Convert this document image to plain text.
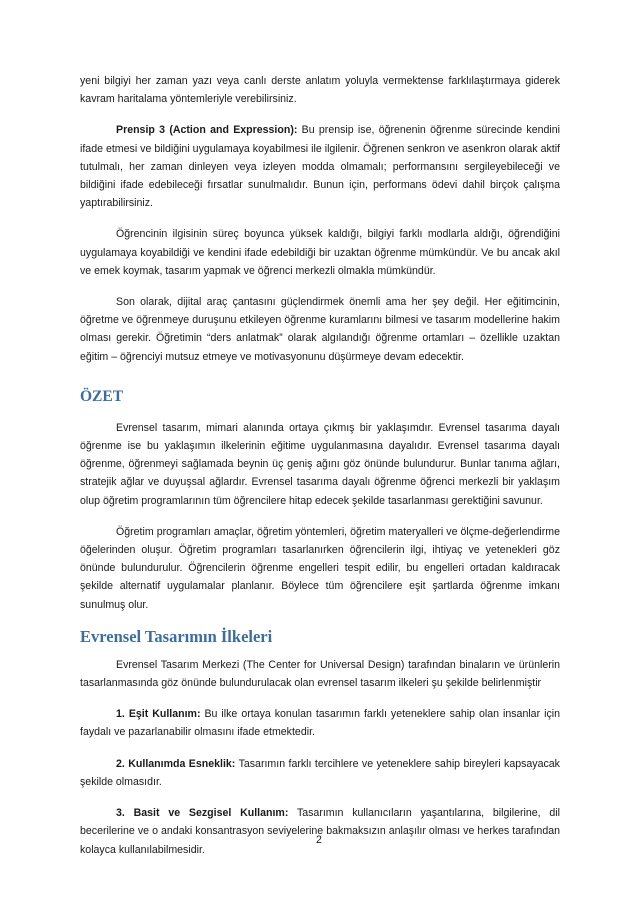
yeni bilgiyi her zaman yazı veya canlı derste anlatım yoluyla vermektense farklılaştırmaya giderek kavram haritalama yöntemleriyle verebilirsiniz.

Prensip 3 (Action and Expression): Bu prensip ise, öğrenenin öğrenme sürecinde kendini ifade etmesi ve bildiğini uygulamaya koyabilmesi ile ilgilenir. Öğrenen senkron ve asenkron olarak aktif tutulmalı, her zaman dinleyen veya izleyen modda olmamalı; performansını sergileyebileceği ve bildiğini ifade edebileceği fırsatlar sunulmalıdır. Bunun için, performans ödevi dahil birçok çalışma yaptırabilirsiniz.

Öğrencinin ilgisinin süreç boyunca yüksek kaldığı, bilgiyi farklı modlarla aldığı, öğrendiğini uygulamaya koyabildiği ve kendini ifade edebildiği bir uzaktan öğrenme mümkündür. Ve bu ancak akıl ve emek koymak, tasarım yapmak ve öğrenci merkezli olmakla mümkündür.

Son olarak, dijital araç çantasını güçlendirmek önemli ama her şey değil. Her eğitimcinin, öğretme ve öğrenmeye duruşunu etkileyen öğrenme kuramlarını bilmesi ve tasarım modellerine hakim olması gerekir. Öğretimin “ders anlatmak” olarak algılandığı öğrenme ortamları – özellikle uzaktan eğitim – öğrenciyi mutsuz etmeye ve motivasyonunu düşürmeye devam edecektir.

ÖZET

Evrensel tasarım, mimari alanında ortaya çıkmış bir yaklaşımdır. Evrensel tasarıma dayalı öğrenme ise bu yaklaşımın ilkelerinin eğitime uygulanmasına dayalıdır. Evrensel tasarıma dayalı öğrenme, öğrenmeyi sağlamada beynin üç geniş ağını göz önünde bulundurur. Bunlar tanıma ağları, stratejik ağlar ve duyuşsal ağlardır. Evrensel tasarıma dayalı öğrenme öğrenci merkezli bir yaklaşım olup öğretim programlarının tüm öğrencilere hitap edecek şekilde tasarlanması gerektiğini savunur.

Öğretim programları amaçlar, öğretim yöntemleri, öğretim materyalleri ve ölçme-değerlendirme öğelerinden oluşur. Öğretim programları tasarlanırken öğrencilerin ilgi, ihtiyaç ve yetenekleri göz önünde bulundurulur. Öğrencilerin öğrenme engelleri tespit edilir, bu engelleri ortadan kaldıracak şekilde alternatif uygulamalar planlanır. Böylece tüm öğrencilere eşit şartlarda öğrenme imkanı sunulmuş olur.

Evrensel Tasarımın İlkeleri

Evrensel Tasarım Merkezi (The Center for Universal Design) tarafından binaların ve ürünlerin tasarlanmasında göz önünde bulundurulacak olan evrensel tasarım ilkeleri şu şekilde belirlenmiştir

1. Eşit Kullanım: Bu ilke ortaya konulan tasarımın farklı yeteneklere sahip olan insanlar için faydalı ve pazarlanabilir olmasını ifade etmektedir.

2. Kullanımda Esneklik: Tasarımın farklı tercihlere ve yeteneklere sahip bireyleri kapsayacak şekilde olmasıdır.

3. Basit ve Sezgisel Kullanım: Tasarımın kullanıcıların yaşantılarına, bilgilerine, dil becerilerine ve o andaki konsantrasyon seviyelerine bakmaksızın anlaşılır olması ve herkes tarafından kolayca kullanılabilmesidir.

2
